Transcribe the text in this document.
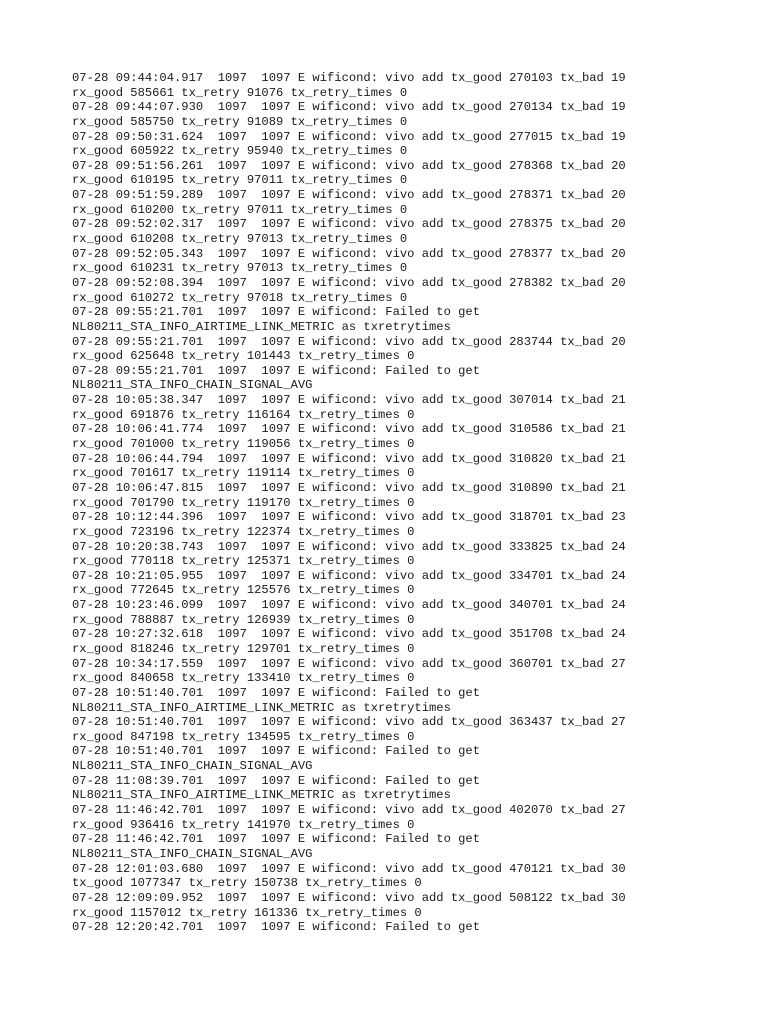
07-28 09:44:04.917  1097  1097 E wificond: vivo add tx_good 270103 tx_bad 19
rx_good 585661 tx_retry 91076 tx_retry_times 0
07-28 09:44:07.930  1097  1097 E wificond: vivo add tx_good 270134 tx_bad 19
rx_good 585750 tx_retry 91089 tx_retry_times 0
07-28 09:50:31.624  1097  1097 E wificond: vivo add tx_good 277015 tx_bad 19
rx_good 605922 tx_retry 95940 tx_retry_times 0
07-28 09:51:56.261  1097  1097 E wificond: vivo add tx_good 278368 tx_bad 20
rx_good 610195 tx_retry 97011 tx_retry_times 0
07-28 09:51:59.289  1097  1097 E wificond: vivo add tx_good 278371 tx_bad 20
rx_good 610200 tx_retry 97011 tx_retry_times 0
07-28 09:52:02.317  1097  1097 E wificond: vivo add tx_good 278375 tx_bad 20
rx_good 610208 tx_retry 97013 tx_retry_times 0
07-28 09:52:05.343  1097  1097 E wificond: vivo add tx_good 278377 tx_bad 20
rx_good 610231 tx_retry 97013 tx_retry_times 0
07-28 09:52:08.394  1097  1097 E wificond: vivo add tx_good 278382 tx_bad 20
rx_good 610272 tx_retry 97018 tx_retry_times 0
07-28 09:55:21.701  1097  1097 E wificond: Failed to get
NL80211_STA_INFO_AIRTIME_LINK_METRIC as txretrytimes
07-28 09:55:21.701  1097  1097 E wificond: vivo add tx_good 283744 tx_bad 20
rx_good 625648 tx_retry 101443 tx_retry_times 0
07-28 09:55:21.701  1097  1097 E wificond: Failed to get
NL80211_STA_INFO_CHAIN_SIGNAL_AVG
07-28 10:05:38.347  1097  1097 E wificond: vivo add tx_good 307014 tx_bad 21
rx_good 691876 tx_retry 116164 tx_retry_times 0
07-28 10:06:41.774  1097  1097 E wificond: vivo add tx_good 310586 tx_bad 21
rx_good 701000 tx_retry 119056 tx_retry_times 0
07-28 10:06:44.794  1097  1097 E wificond: vivo add tx_good 310820 tx_bad 21
rx_good 701617 tx_retry 119114 tx_retry_times 0
07-28 10:06:47.815  1097  1097 E wificond: vivo add tx_good 310890 tx_bad 21
rx_good 701790 tx_retry 119170 tx_retry_times 0
07-28 10:12:44.396  1097  1097 E wificond: vivo add tx_good 318701 tx_bad 23
rx_good 723196 tx_retry 122374 tx_retry_times 0
07-28 10:20:38.743  1097  1097 E wificond: vivo add tx_good 333825 tx_bad 24
rx_good 770118 tx_retry 125371 tx_retry_times 0
07-28 10:21:05.955  1097  1097 E wificond: vivo add tx_good 334701 tx_bad 24
rx_good 772645 tx_retry 125576 tx_retry_times 0
07-28 10:23:46.099  1097  1097 E wificond: vivo add tx_good 340701 tx_bad 24
rx_good 788887 tx_retry 126939 tx_retry_times 0
07-28 10:27:32.618  1097  1097 E wificond: vivo add tx_good 351708 tx_bad 24
rx_good 818246 tx_retry 129701 tx_retry_times 0
07-28 10:34:17.559  1097  1097 E wificond: vivo add tx_good 360701 tx_bad 27
rx_good 840658 tx_retry 133410 tx_retry_times 0
07-28 10:51:40.701  1097  1097 E wificond: Failed to get
NL80211_STA_INFO_AIRTIME_LINK_METRIC as txretrytimes
07-28 10:51:40.701  1097  1097 E wificond: vivo add tx_good 363437 tx_bad 27
rx_good 847198 tx_retry 134595 tx_retry_times 0
07-28 10:51:40.701  1097  1097 E wificond: Failed to get
NL80211_STA_INFO_CHAIN_SIGNAL_AVG
07-28 11:08:39.701  1097  1097 E wificond: Failed to get
NL80211_STA_INFO_AIRTIME_LINK_METRIC as txretrytimes
07-28 11:46:42.701  1097  1097 E wificond: vivo add tx_good 402070 tx_bad 27
rx_good 936416 tx_retry 141970 tx_retry_times 0
07-28 11:46:42.701  1097  1097 E wificond: Failed to get
NL80211_STA_INFO_CHAIN_SIGNAL_AVG
07-28 12:01:03.680  1097  1097 E wificond: vivo add tx_good 470121 tx_bad 30
tx_good 1077347 tx_retry 150738 tx_retry_times 0
07-28 12:09:09.952  1097  1097 E wificond: vivo add tx_good 508122 tx_bad 30
rx_good 1157012 tx_retry 161336 tx_retry_times 0
07-28 12:20:42.701  1097  1097 E wificond: Failed to get
